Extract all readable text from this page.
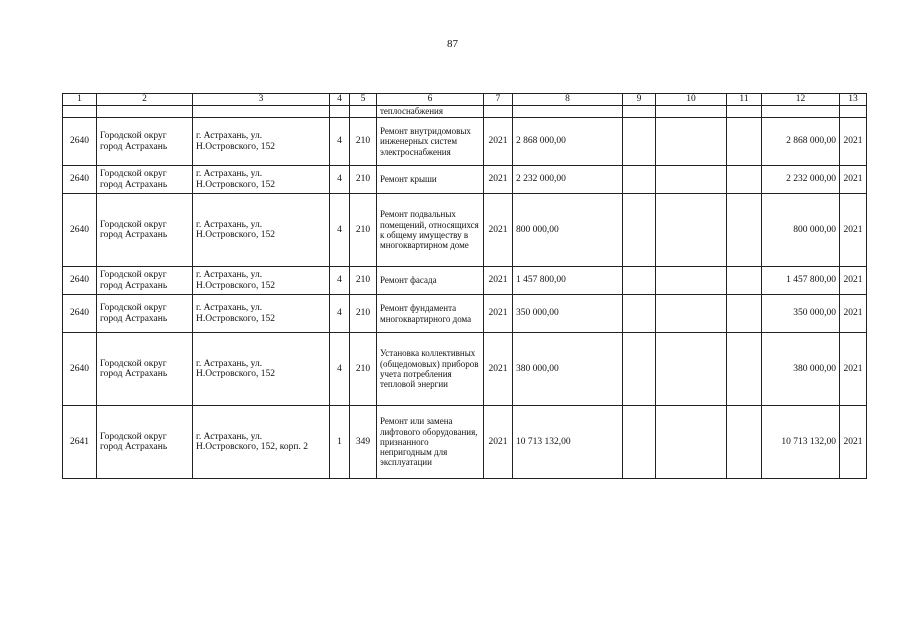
87
1	2	3	4	5	6	7	8	9	10	11	12	13
					теплоснабжения							
2640	Городской округ город Астрахань	г. Астрахань, ул. Н.Островского, 152	4	210	Ремонт внутридомовых инженерных систем электроснабжения	2021	2 868 000,00				2 868 000,00	2021
2640	Городской округ город Астрахань	г. Астрахань, ул. Н.Островского, 152	4	210	Ремонт крыши	2021	2 232 000,00				2 232 000,00	2021
2640	Городской округ город Астрахань	г. Астрахань, ул. Н.Островского, 152	4	210	Ремонт подвальных помещений, относящихся к общему имуществу в многоквартирном доме	2021	800 000,00				800 000,00	2021
2640	Городской округ город Астрахань	г. Астрахань, ул. Н.Островского, 152	4	210	Ремонт фасада	2021	1 457 800,00				1 457 800,00	2021
2640	Городской округ город Астрахань	г. Астрахань, ул. Н.Островского, 152	4	210	Ремонт фундамента многоквартирного дома	2021	350 000,00				350 000,00	2021
2640	Городской округ город Астрахань	г. Астрахань, ул. Н.Островского, 152	4	210	Установка коллективных (общедомовых) приборов учета потребления тепловой энергии	2021	380 000,00				380 000,00	2021
2641	Городской округ город Астрахань	г. Астрахань, ул. Н.Островского, 152, корп. 2	1	349	Ремонт или замена лифтового оборудования, признанного непригодным для эксплуатации	2021	10 713 132,00				10 713 132,00	2021
